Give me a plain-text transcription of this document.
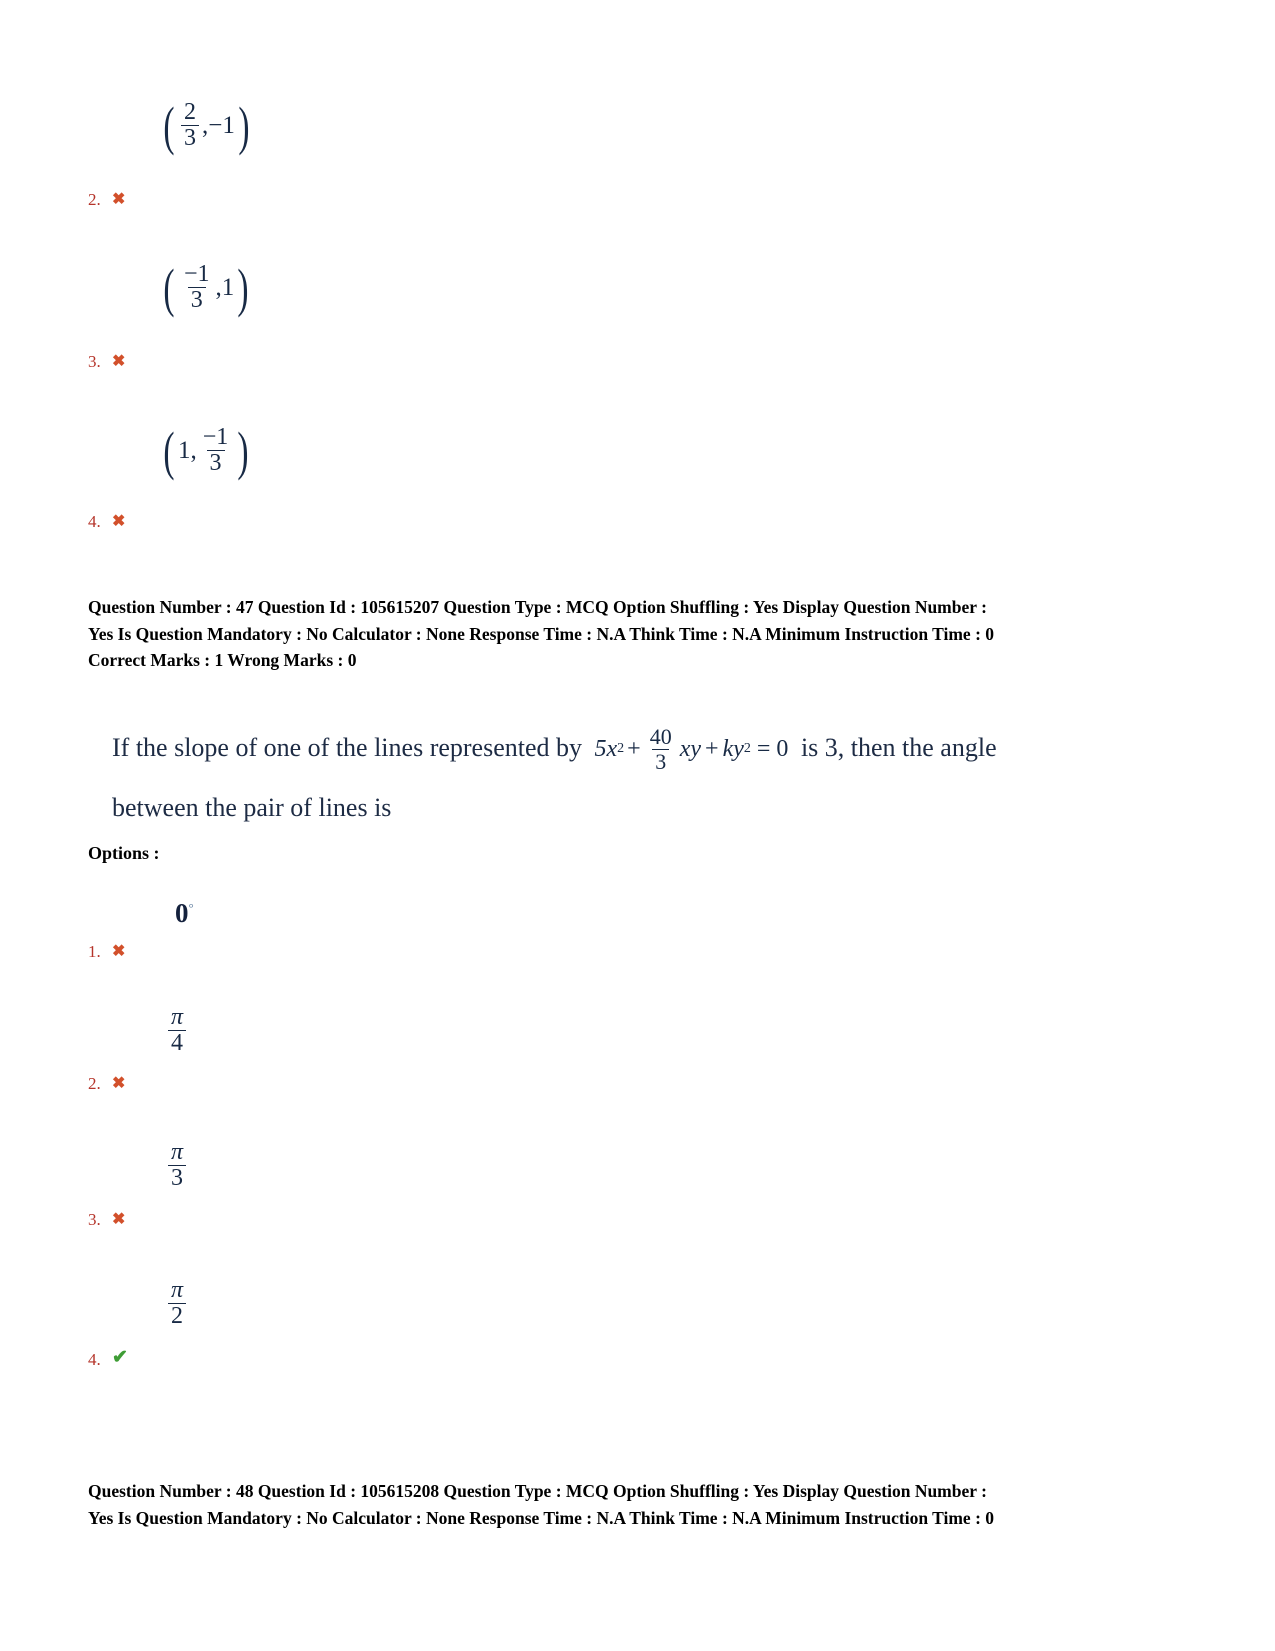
( $\frac{2}{3}$ , −1 )
2. ✖
( $\frac{-1}{3}$ , 1 )
3. ✖
( 1 , $\frac{-1}{3}$ )
4. ✖
Question Number : 47 Question Id : 105615207 Question Type : MCQ Option Shuffling : Yes Display Question Number :
Yes Is Question Mandatory : No Calculator : None Response Time : N.A Think Time : N.A Minimum Instruction Time : 0
Correct Marks : 1 Wrong Marks : 0
If the slope of one of the lines represented by 5x $2 + \frac{40}{3}$ xy + ky 2 = 0 is 3, then the angle
between the pair of lines is
Options :
0°
1. ✖
$\frac{\pi}{4}$
2. ✖
$\frac{\pi}{3}$
3. ✖
$\frac{\pi}{2}$
4. ✔
Question Number : 48 Question Id : 105615208 Question Type : MCQ Option Shuffling : Yes Display Question Number :
Yes Is Question Mandatory : No Calculator : None Response Time : N.A Think Time : N.A Minimum Instruction Time : 0
